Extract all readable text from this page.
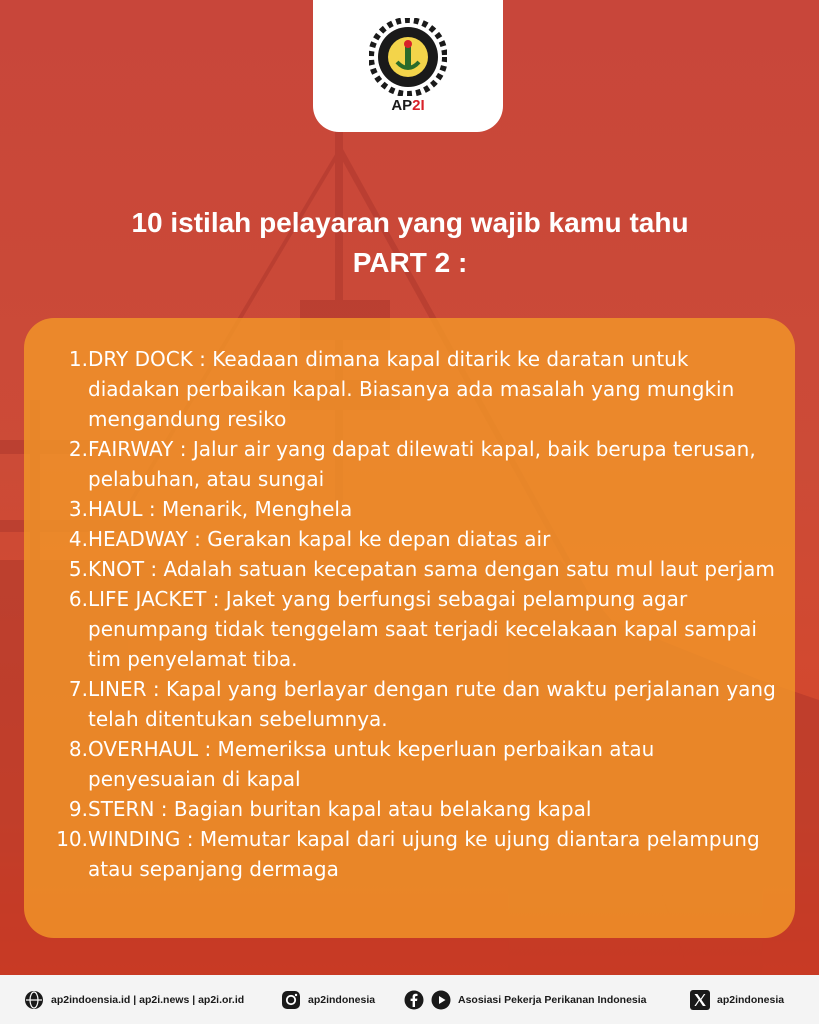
AP2I
10 istilah pelayaran yang wajib kamu tahu
PART 2 :
1. DRY DOCK : Keadaan dimana kapal ditarik ke daratan untuk diadakan perbaikan kapal. Biasanya ada masalah yang mungkin mengandung resiko
2. FAIRWAY : Jalur air yang dapat dilewati kapal, baik berupa terusan, pelabuhan, atau sungai
3. HAUL : Menarik, Menghela
4. HEADWAY : Gerakan kapal ke depan diatas air
5. KNOT : Adalah satuan kecepatan sama dengan satu mul laut perjam
6. LIFE JACKET : Jaket yang berfungsi sebagai pelampung agar penumpang tidak tenggelam saat terjadi kecelakaan kapal sampai tim penyelamat tiba.
7. LINER : Kapal yang berlayar dengan rute dan waktu perjalanan yang telah ditentukan sebelumnya.
8. OVERHAUL : Memeriksa untuk keperluan perbaikan atau penyesuaian di kapal
9. STERN : Bagian buritan kapal atau belakang kapal
10. WINDING : Memutar kapal dari ujung ke ujung diantara pelampung atau sepanjang dermaga
ap2indoensia.id | ap2i.news | ap2i.or.id	ap2indonesia	Asosiasi Pekerja Perikanan Indonesia	ap2indonesia
